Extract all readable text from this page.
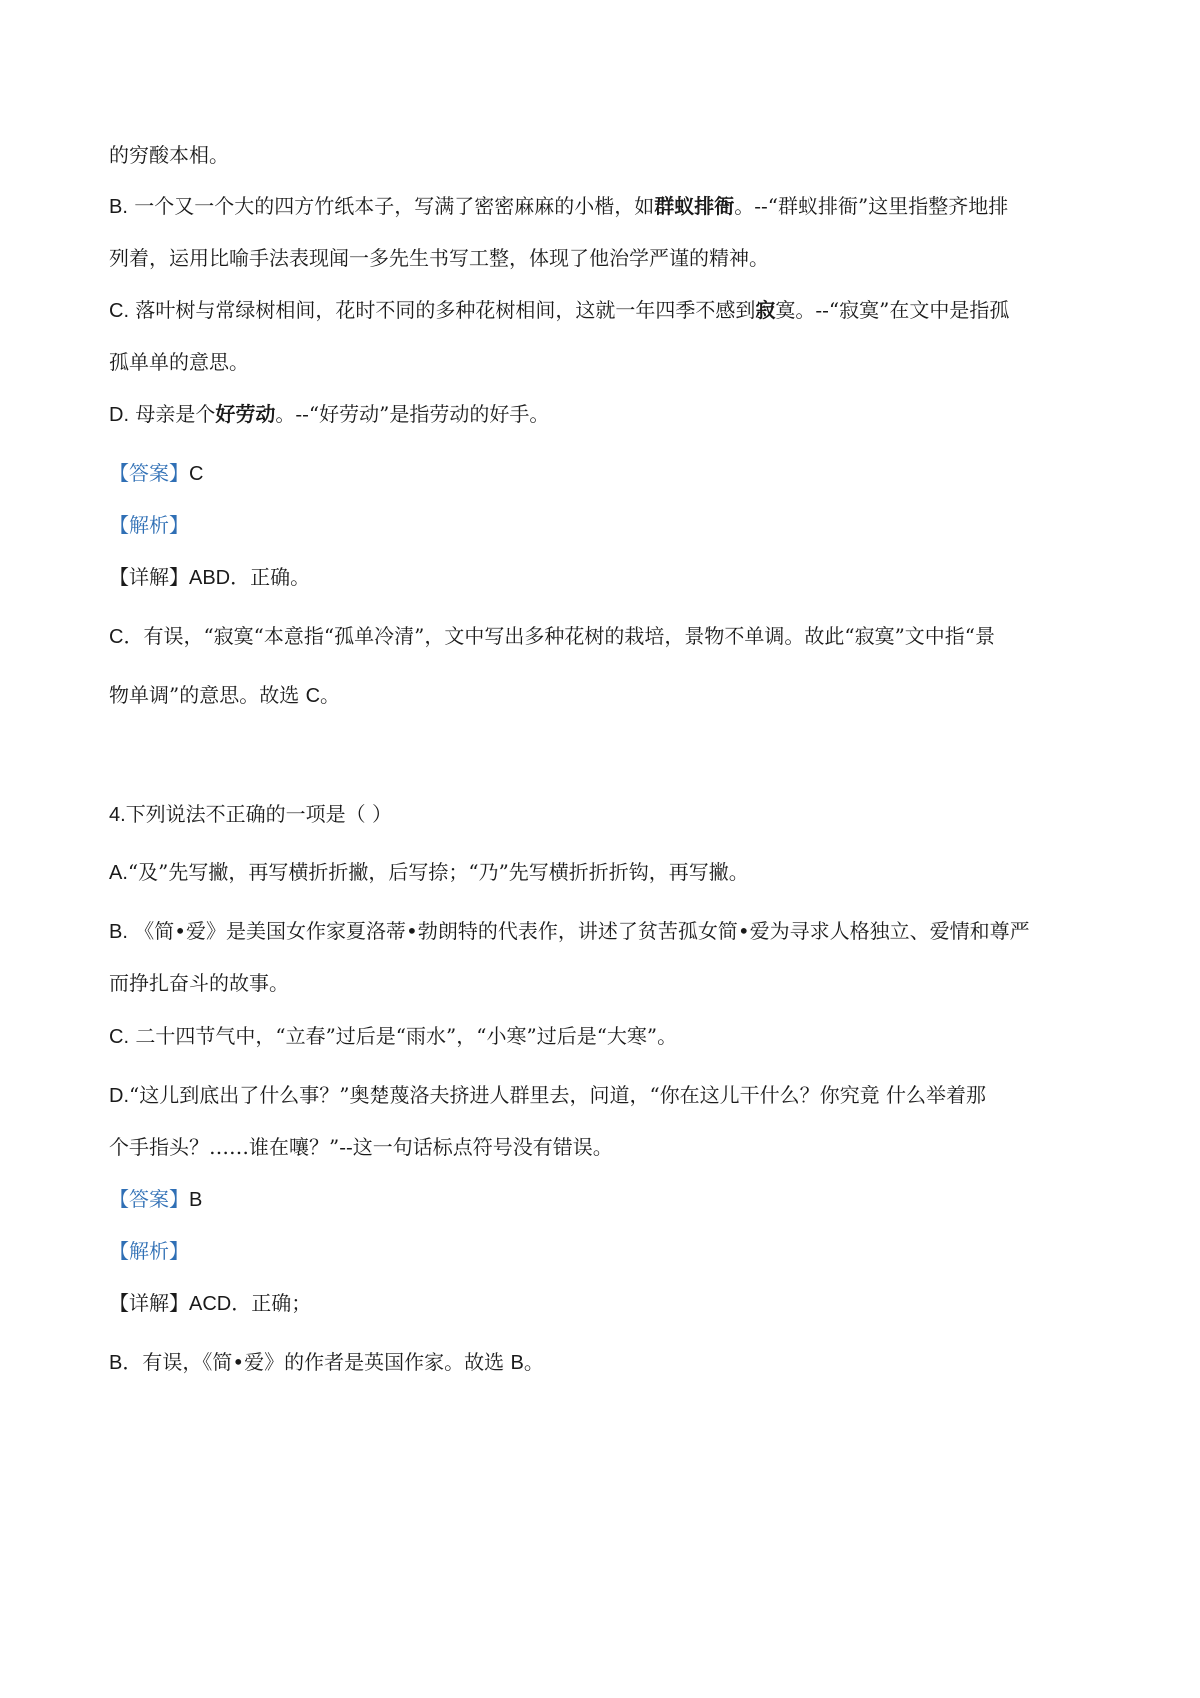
的穷酸本相。
B. 一个又一个大的四方竹纸本子，写满了密密麻麻的小楷，如群蚁排衙。--“群蚁排衙”这里指整齐地排
列着，运用比喻手法表现闻一多先生书写工整，体现了他治学严谨的精神。
C. 落叶树与常绿树相间，花时不同的多种花树相间，这就一年四季不感到寂寞。--“寂寞”在文中是指孤
孤单单的意思。
D. 母亲是个好劳动。--“好劳动”是指劳动的好手。
【答案】C
【解析】
【详解】ABD．正确。
C．有误，“寂寞“本意指“孤单冷清”，文中写出多种花树的栽培，景物不单调。故此“寂寞”文中指“景
物单调”的意思。故选 C。
4.下列说法不正确的一项是（ ）
A.“及”先写撇，再写横折折撇，后写捺；“乃”先写横折折折钩，再写撇。
B. 《简•爱》是美国女作家夏洛蒂•勃朗特的代表作，讲述了贫苦孤女简•爱为寻求人格独立、爱情和尊严
而挣扎奋斗的故事。
C. 二十四节气中，“立春”过后是“雨水”，“小寒”过后是“大寒”。
D.“这儿到底出了什么事？”奥楚蔑洛夫挤进人群里去，问道，“你在这儿干什么？你究竟 什么举着那
个手指头？……谁在嚷？”--这一句话标点符号没有错误。
【答案】B
【解析】
【详解】ACD．正确；
B．有误，《简•爱》的作者是英国作家。故选 B。
